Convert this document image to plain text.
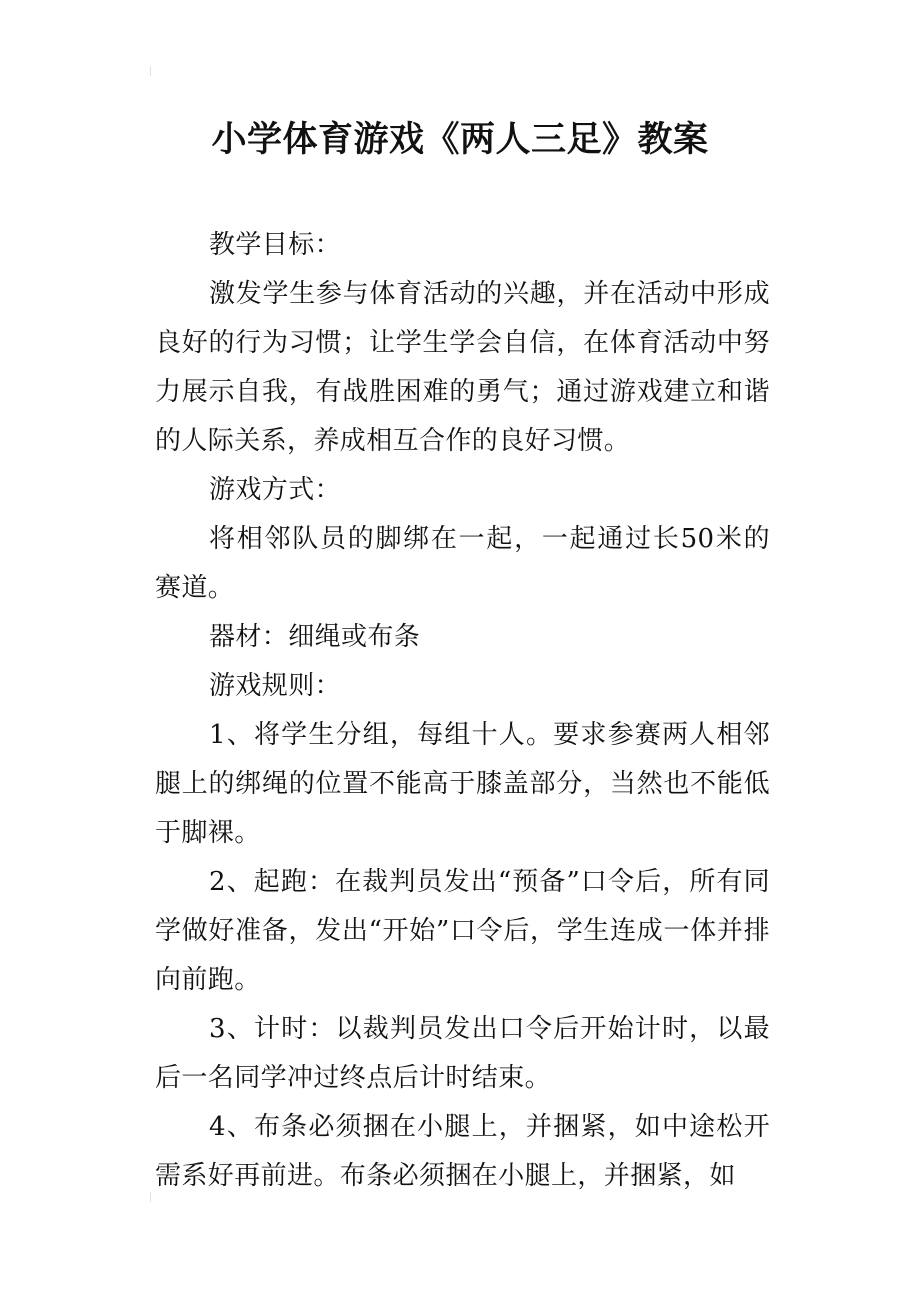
小学体育游戏《两人三足》教案

教学目标：

激发学生参与体育活动的兴趣，并在活动中形成良好的行为习惯；让学生学会自信，在体育活动中努力展示自我，有战胜困难的勇气；通过游戏建立和谐的人际关系，养成相互合作的良好习惯。

游戏方式：

将相邻队员的脚绑在一起，一起通过长50米的赛道。

器材：细绳或布条

游戏规则：

1、将学生分组，每组十人。要求参赛两人相邻腿上的绑绳的位置不能高于膝盖部分，当然也不能低于脚裸。

2、起跑：在裁判员发出“预备”口令后，所有同学做好准备，发出“开始”口令后，学生连成一体并排向前跑。

3、计时：以裁判员发出口令后开始计时，以最后一名同学冲过终点后计时结束。

4、布条必须捆在小腿上，并捆紧，如中途松开需系好再前进。布条必须捆在小腿上，并捆紧，如
